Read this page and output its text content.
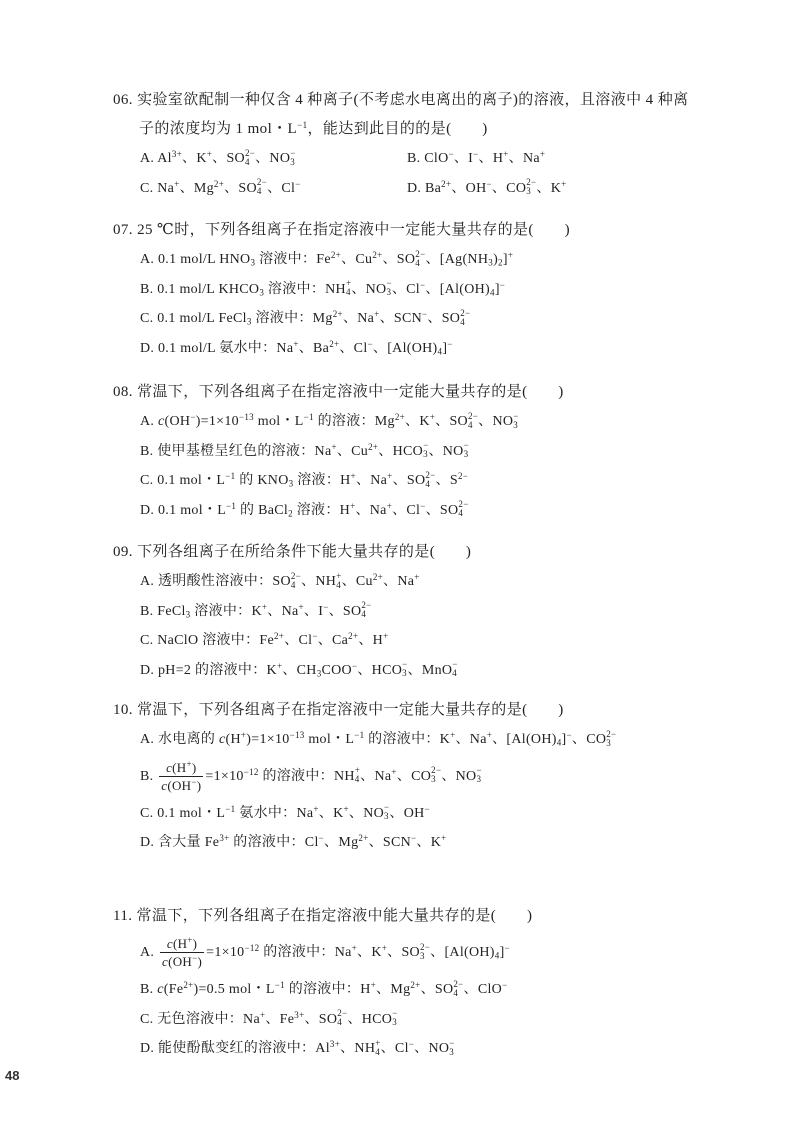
06. 实验室欲配制一种仅含 4 种离子(不考虑水电离出的离子)的溶液，且溶液中 4 种离子的浓度均为 1 mol・$L^{-1}$，能达到此目的的是(　　)
A. $Al^{3+}$、K+、SO 2−
4 、NO −
3	B. ClO−、I−、H+、Na+
C. Na+、$Mg^{2+}$、SO 2−
4 、Cl−	D. $Ba^{2+}$、OH−、CO 2−
3 、K+
07. 25 ℃时，下列各组离子在指定溶液中一定能大量共存的是(　　)
A. 0.1 mol/L $HNO_3$ 溶液中：$Fe^{2+}$、$Cu^{2+}$、SO 2−
4 、$[Ag(NH_3)_2]^+$
B. 0.1 mol/L $KHCO_3$ 溶液中：NH +
4 、NO −
3 、Cl−、$[Al(OH)_4]^-$
C. 0.1 mol/L FeCl$_3$ 溶液中：$Mg^{2+}$、Na+、SCN−、SO 2−
4
D. 0.1 mol/L 氨水中：Na+、$Ba^{2+}$、Cl−、$[Al(OH)_4]^-$
08. 常温下，下列各组离子在指定溶液中一定能大量共存的是(　　)
A. $c(OH^-)=1\times 10^{-13}$ mol・$L^{-1}$ 的溶液：$Mg^{2+}$、K+、SO 2−
4 、NO −
3
B. 使甲基橙呈红色的溶液：Na+、$Cu^{2+}$、HCO −
3 、NO −
3
C. 0.1 mol・$L^{-1}$ 的 $KNO_3$ 溶液：H+、Na+、SO 2−
4 、$S^{2-}$
D. 0.1 mol・$L^{-1}$ 的 BaCl$_2$ 溶液：H+、Na+、Cl−、SO 2−
4
09. 下列各组离子在所给条件下能大量共存的是(　　)
A. 透明酸性溶液中：SO 2−
4 、NH +
4 、$Cu^{2+}$、Na+
B. FeCl$_3$ 溶液中：K+、Na+、I−、SO 2−
4
C. NaClO 溶液中：$Fe^{2+}$、Cl−、$Ca^{2+}$、H+
D. pH=2 的溶液中：K+、$CH_3COO^-$、HCO −
3 、MnO −
4
10. 常温下，下列各组离子在指定溶液中一定能大量共存的是(　　)
A. 水电离的 $c(H^+)=1\times 10^{-13}$ mol・$L^{-1}$ 的溶液中：K+、Na+、$[Al(OH)_4]^-$、CO 2−
3
B. $\frac{c(H^+)}{c(OH^-)} =1\times 10^{-12}$ 的溶液中：NH +
4 、Na+、CO 2−
3 、NO −
3
C. 0.1 mol・$L^{-1}$ 氨水中：Na+、K+、NO −
3 、OH−
D. 含大量 $Fe^{3+}$ 的溶液中：Cl−、$Mg^{2+}$、SCN−、K+
11. 常温下，下列各组离子在指定溶液中能大量共存的是(　　)
A. $\frac{c(H^+)}{c(OH^-)} =1\times 10^{-12}$ 的溶液中：Na+、K+、SO 2−
3 、$[Al(OH)_4]^-$
B. $c(Fe^{2+})=0.5$ mol・$L^{-1}$ 的溶液中：H+、$Mg^{2+}$、SO 2−
4 、ClO−
C. 无色溶液中：Na+、$Fe^{3+}$、SO 2−
4 、HCO −
3
D. 能使酚酞变红的溶液中：$Al^{3+}$、NH +
4 、Cl−、NO −
3
48
